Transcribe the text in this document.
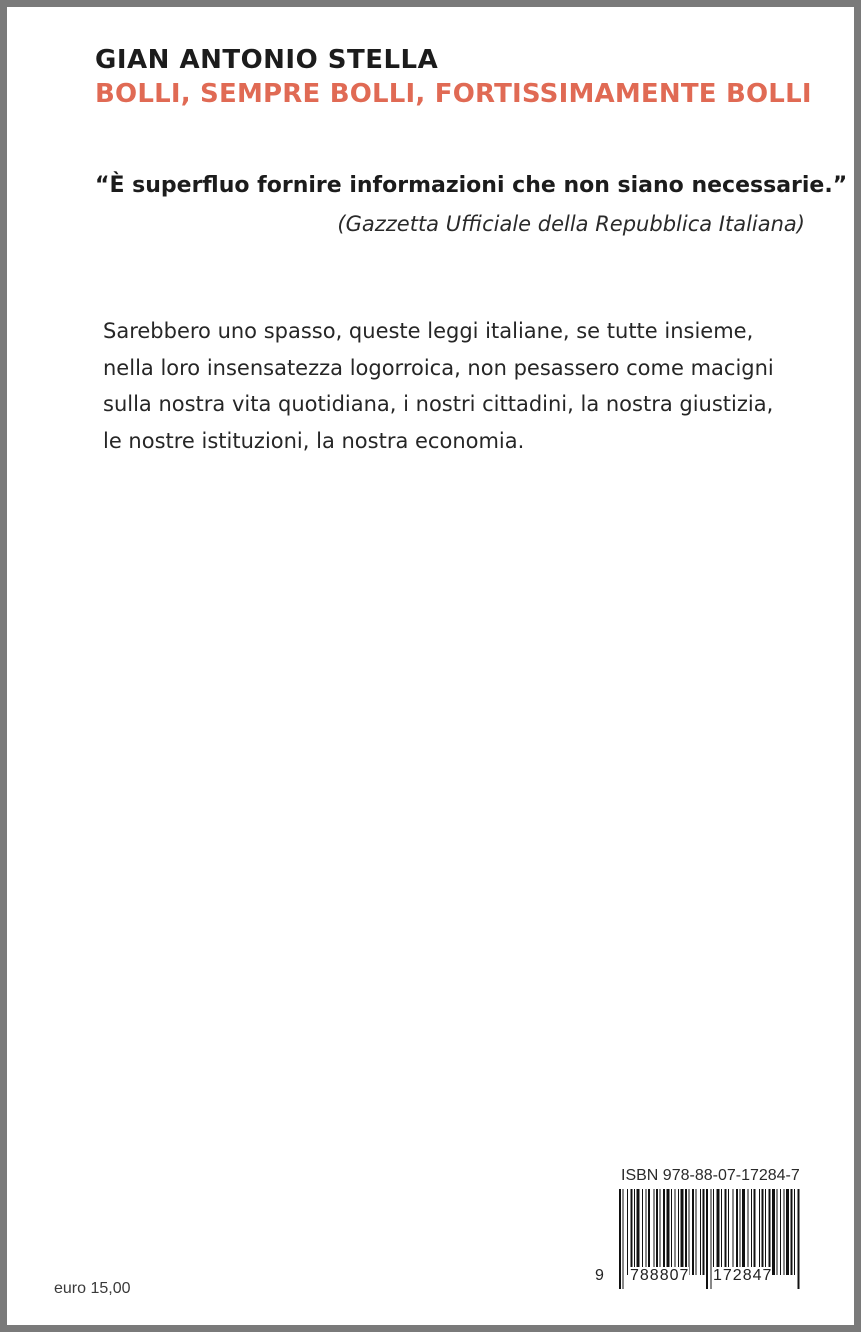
GIAN ANTONIO STELLA
BOLLI, SEMPRE BOLLI, FORTISSIMAMENTE BOLLI
“È superfluo fornire informazioni che non siano necessarie.”
(Gazzetta Ufficiale della Repubblica Italiana)
Sarebbero uno spasso, queste leggi italiane, se tutte insieme,
nella loro insensatezza logorroica, non pesassero come macigni
sulla nostra vita quotidiana, i nostri cittadini, la nostra giustizia,
le nostre istituzioni, la nostra economia.
ISBN 978-88-07-17284-7
9 788807 172847
euro 15,00
